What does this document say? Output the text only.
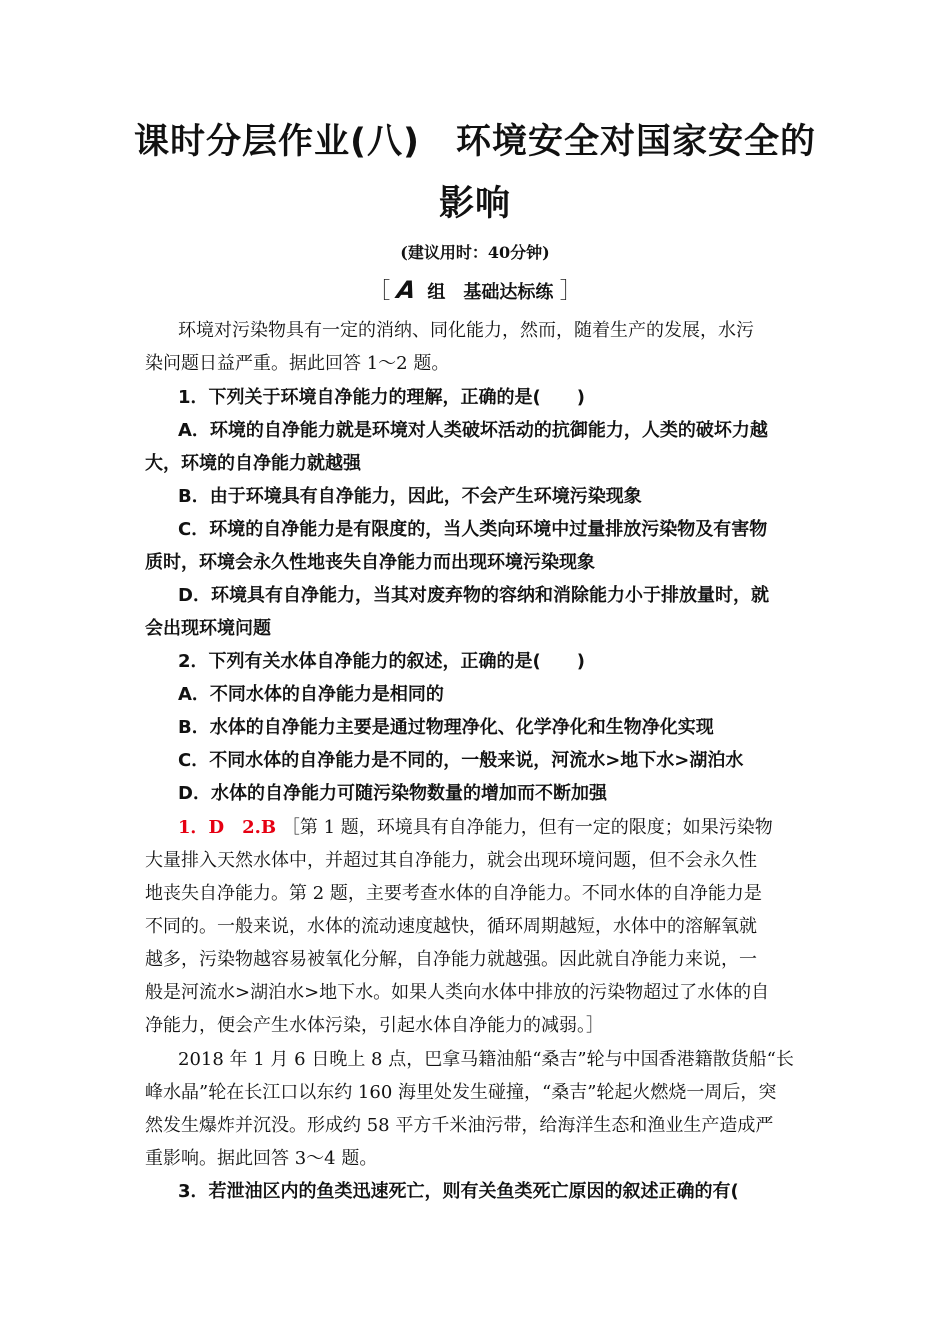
课时分层作业(八)　环境安全对国家安全的
影响
(建议用时：40分钟)
［ A 组　基础达标练 ］
环境对污染物具有一定的消纳、同化能力，然而，随着生产的发展，水污
染问题日益严重。据此回答 1～2 题。
1．下列关于环境自净能力的理解，正确的是(　　)
A．环境的自净能力就是环境对人类破坏活动的抗御能力，人类的破坏力越
大，环境的自净能力就越强
B．由于环境具有自净能力，因此，不会产生环境污染现象
C．环境的自净能力是有限度的，当人类向环境中过量排放污染物及有害物
质时，环境会永久性地丧失自净能力而出现环境污染现象
D．环境具有自净能力，当其对废弃物的容纳和消除能力小于排放量时，就
会出现环境问题
2．下列有关水体自净能力的叙述，正确的是(　　)
A．不同水体的自净能力是相同的
B．水体的自净能力主要是通过物理净化、化学净化和生物净化实现
C．不同水体的自净能力是不同的，一般来说，河流水>地下水>湖泊水
D．水体的自净能力可随污染物数量的增加而不断加强
1．D　2.B ［第 1 题，环境具有自净能力，但有一定的限度；如果污染物
大量排入天然水体中，并超过其自净能力，就会出现环境问题，但不会永久性
地丧失自净能力。第 2 题，主要考查水体的自净能力。不同水体的自净能力是
不同的。一般来说，水体的流动速度越快，循环周期越短，水体中的溶解氧就
越多，污染物越容易被氧化分解，自净能力就越强。因此就自净能力来说，一
般是河流水>湖泊水>地下水。如果人类向水体中排放的污染物超过了水体的自
净能力，便会产生水体污染，引起水体自净能力的减弱。］
2018 年 1 月 6 日晚上 8 点，巴拿马籍油船“桑吉”轮与中国香港籍散货船“长
峰水晶”轮在长江口以东约 160 海里处发生碰撞，“桑吉”轮起火燃烧一周后，突
然发生爆炸并沉没。形成约 58 平方千米油污带，给海洋生态和渔业生产造成严
重影响。据此回答 3～4 题。
3．若泄油区内的鱼类迅速死亡，则有关鱼类死亡原因的叙述正确的有(
